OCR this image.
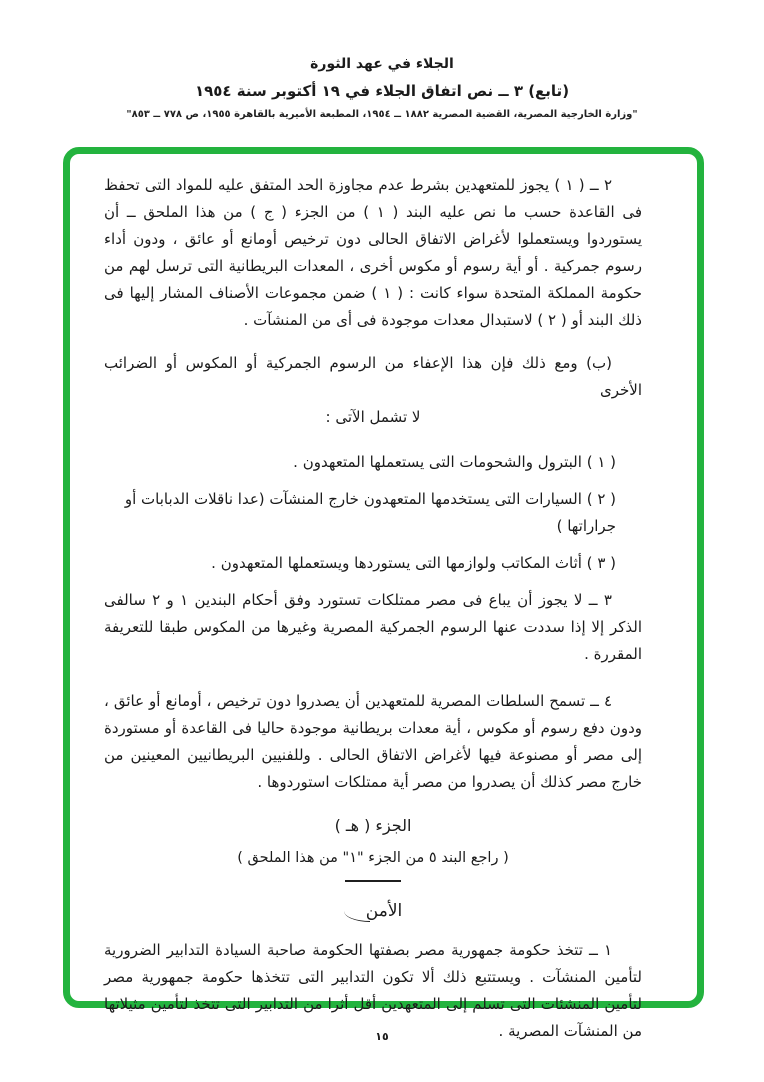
الجلاء في عهد الثورة
(تابع) ٣ ــ نص اتفاق الجلاء في ١٩ أكتوبر سنة ١٩٥٤
"وزارة الخارجية المصرية، القضية المصرية ١٨٨٢ ــ ١٩٥٤، المطبعة الأميرية بالقاهرة ١٩٥٥، ص ٧٧٨ ــ ٨٥٣"

٢ ــ ( ١ ) يجوز للمتعهدين بشرط عدم مجاوزة الحد المتفق عليه للمواد التى تحفظ فى القاعدة حسب ما نص عليه البند ( ١ ) من الجزء ( ج ) من هذا الملحق ــ أن يستوردوا ويستعملوا لأغراض الاتفاق الحالى دون ترخيص أومانع أو عائق ، ودون أداء رسوم جمركية . أو أية رسوم أو مكوس أخرى ، المعدات البريطانية التى ترسل لهم من حكومة المملكة المتحدة سواء كانت : ( ١ ) ضمن مجموعات الأصناف المشار إليها فى ذلك البند أو ( ٢ ) لاستبدال معدات موجودة فى أى من المنشآت .

(ب) ومع ذلك فإن هذا الإعفاء من الرسوم الجمركية أو المكوس أو الضرائب الأخرى

لا تشمل الآتى :

( ١ ) البترول والشحومات التى يستعملها المتعهدون .

( ٢ ) السيارات التى يستخدمها المتعهدون خارج المنشآت (عدا ناقلات الدبابات أو جراراتها )

( ٣ ) أثاث المكاتب ولوازمها التى يستوردها ويستعملها المتعهدون .

٣ ــ لا يجوز أن يباع فى مصر ممتلكات تستورد وفق أحكام البندين ١ و ٢ سالفى الذكر إلا إذا سددت عنها الرسوم الجمركية المصرية وغيرها من المكوس طبقا للتعريفة المقررة .

٤ ــ تسمح السلطات المصرية للمتعهدين أن يصدروا دون ترخيص ، أومانع أو عائق ، ودون دفع رسوم أو مكوس ، أية معدات بريطانية موجودة حاليا فى القاعدة أو مستوردة إلى مصر أو مصنوعة فيها لأغراض الاتفاق الحالى . وللفنيين البريطانيين المعينين من خارج مصر كذلك أن يصدروا من مصر أية ممتلكات استوردوها .

الجزء ( هـ )
( راجع البند ٥ من الجزء "١" من هذا الملحق )
الأمن

١ ــ تتخذ حكومة جمهورية مصر بصفتها الحكومة صاحبة السيادة التدابير الضرورية لتأمين المنشآت . ويستتبع ذلك ألا تكون التدابير التى تتخذها حكومة جمهورية مصر لتأمين المنشئات التى تسلم إلى المتعهدين أقل أثرا من التدابير التى تتخذ لتأمين مثيلاتها من المنشآت المصرية .

١٥
